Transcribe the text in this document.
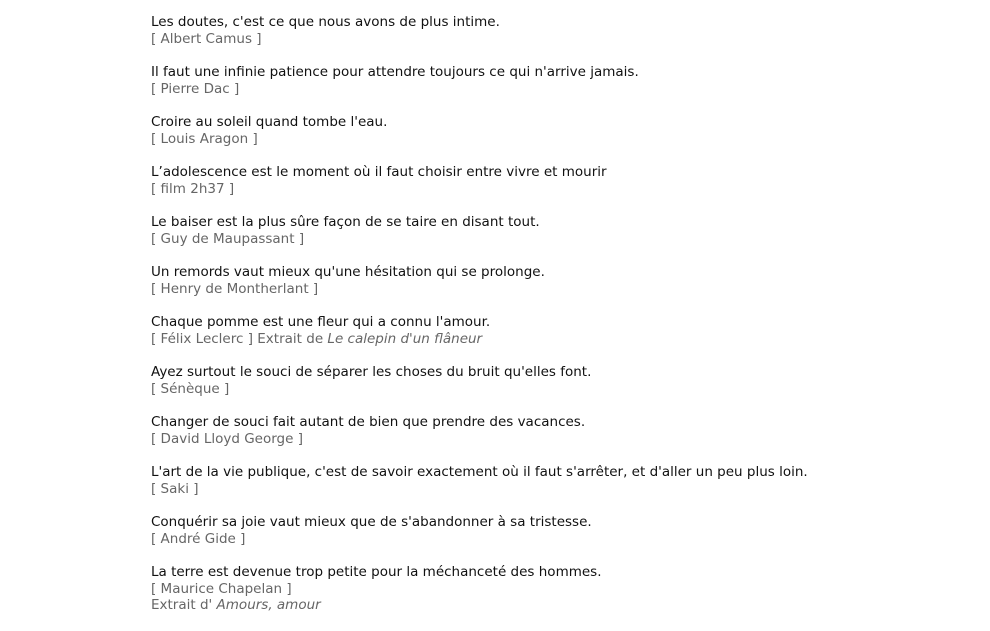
Les doutes, c'est ce que nous avons de plus intime.
[ Albert Camus ]
Il faut une infinie patience pour attendre toujours ce qui n'arrive jamais.
[ Pierre Dac ]
Croire au soleil quand tombe l'eau.
[ Louis Aragon ]
L’adolescence est le moment où il faut choisir entre vivre et mourir
[ film 2h37 ]
Le baiser est la plus sûre façon de se taire en disant tout.
[ Guy de Maupassant ]
Un remords vaut mieux qu'une hésitation qui se prolonge.
[ Henry de Montherlant ]
Chaque pomme est une fleur qui a connu l'amour.
[ Félix Leclerc ] Extrait de Le calepin d'un flâneur
Ayez surtout le souci de séparer les choses du bruit qu'elles font.
[ Sénèque ]
Changer de souci fait autant de bien que prendre des vacances.
[ David Lloyd George ]
L'art de la vie publique, c'est de savoir exactement où il faut s'arrêter, et d'aller un peu plus loin.
[ Saki ]
Conquérir sa joie vaut mieux que de s'abandonner à sa tristesse.
[ André Gide ]
La terre est devenue trop petite pour la méchanceté des hommes.
[ Maurice Chapelan ]
Extrait d' Amours, amour
